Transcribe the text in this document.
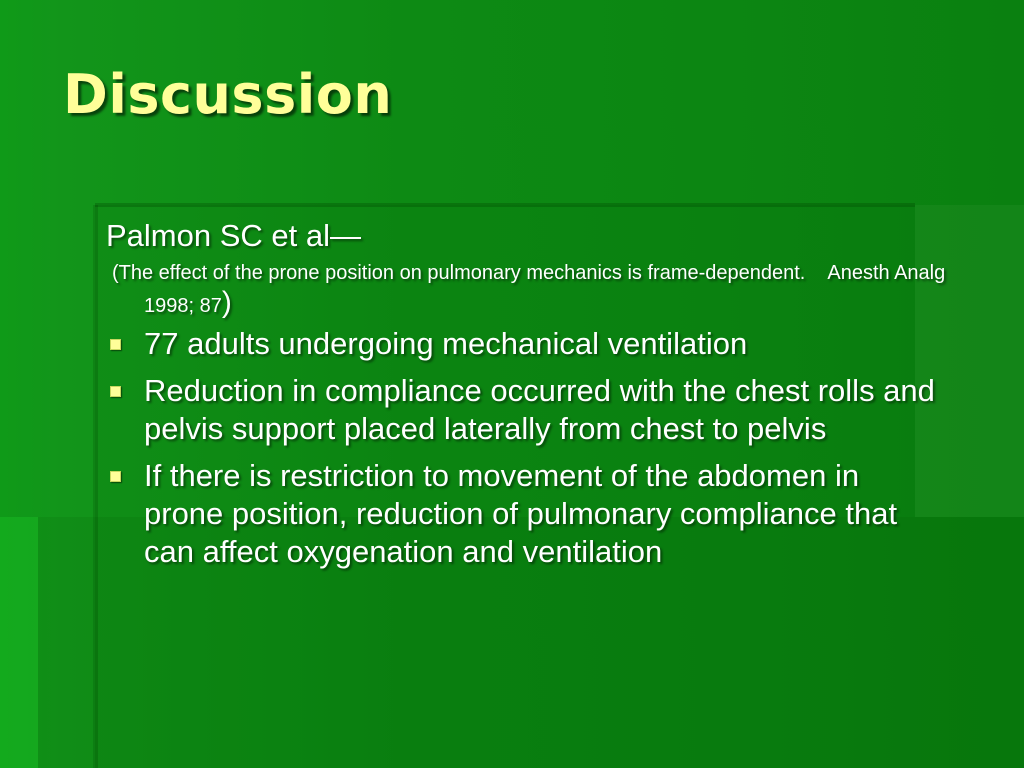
Discussion

Palmon SC et al—

(The effect of the prone position on pulmonary mechanics is frame-dependent. Anesth Analg 1998; 87)

77 adults undergoing mechanical ventilation
Reduction in compliance occurred with the chest rolls and pelvis support placed laterally from chest to pelvis
If there is restriction to movement of the abdomen in prone position, reduction of pulmonary compliance that can affect oxygenation and ventilation
